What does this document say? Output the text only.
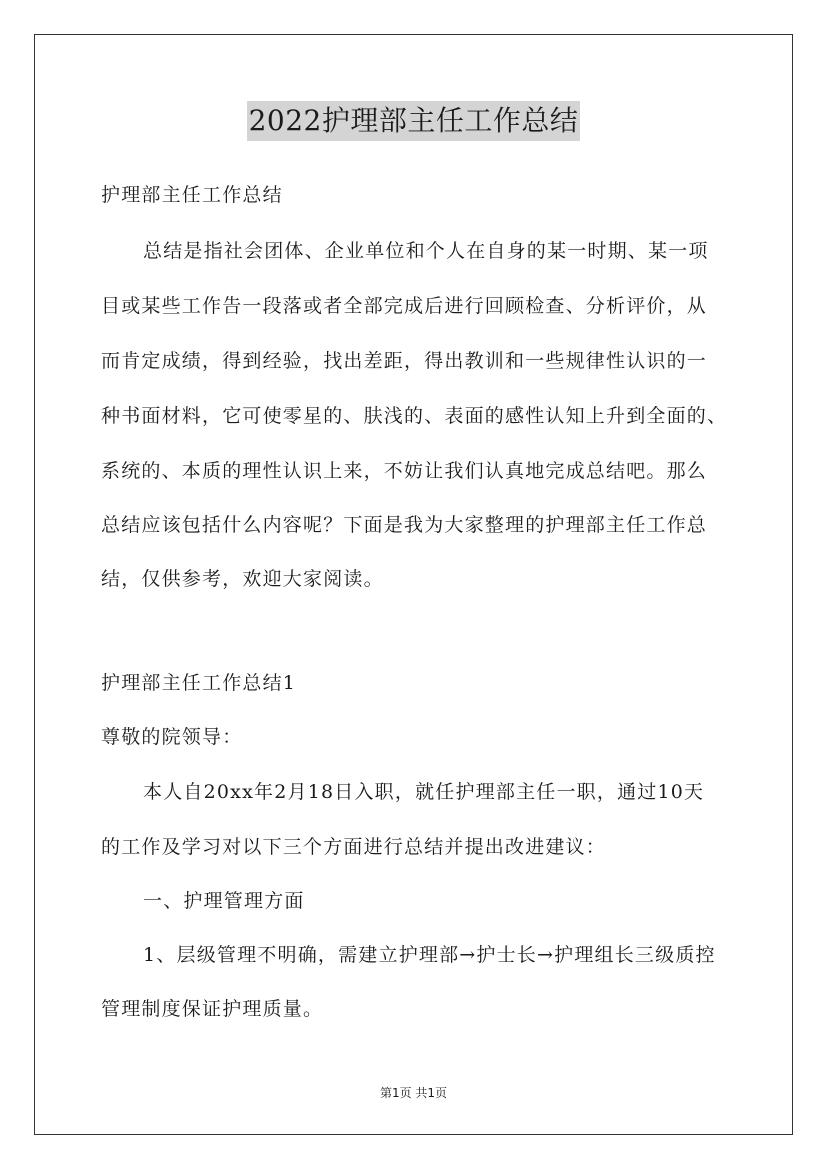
2022护理部主任工作总结
护理部主任工作总结
总结是指社会团体、企业单位和个人在自身的某一时期、某一项
目或某些工作告一段落或者全部完成后进行回顾检查、分析评价，从
而肯定成绩，得到经验，找出差距，得出教训和一些规律性认识的一
种书面材料，它可使零星的、肤浅的、表面的感性认知上升到全面的、
系统的、本质的理性认识上来，不妨让我们认真地完成总结吧。那么
总结应该包括什么内容呢？下面是我为大家整理的护理部主任工作总
结，仅供参考，欢迎大家阅读。
护理部主任工作总结1
尊敬的院领导：
本人自20xx年2月18日入职，就任护理部主任一职，通过10天
的工作及学习对以下三个方面进行总结并提出改进建议：
一、护理管理方面
1、层级管理不明确，需建立护理部→护士长→护理组长三级质控
管理制度保证护理质量。
第1页 共1页
